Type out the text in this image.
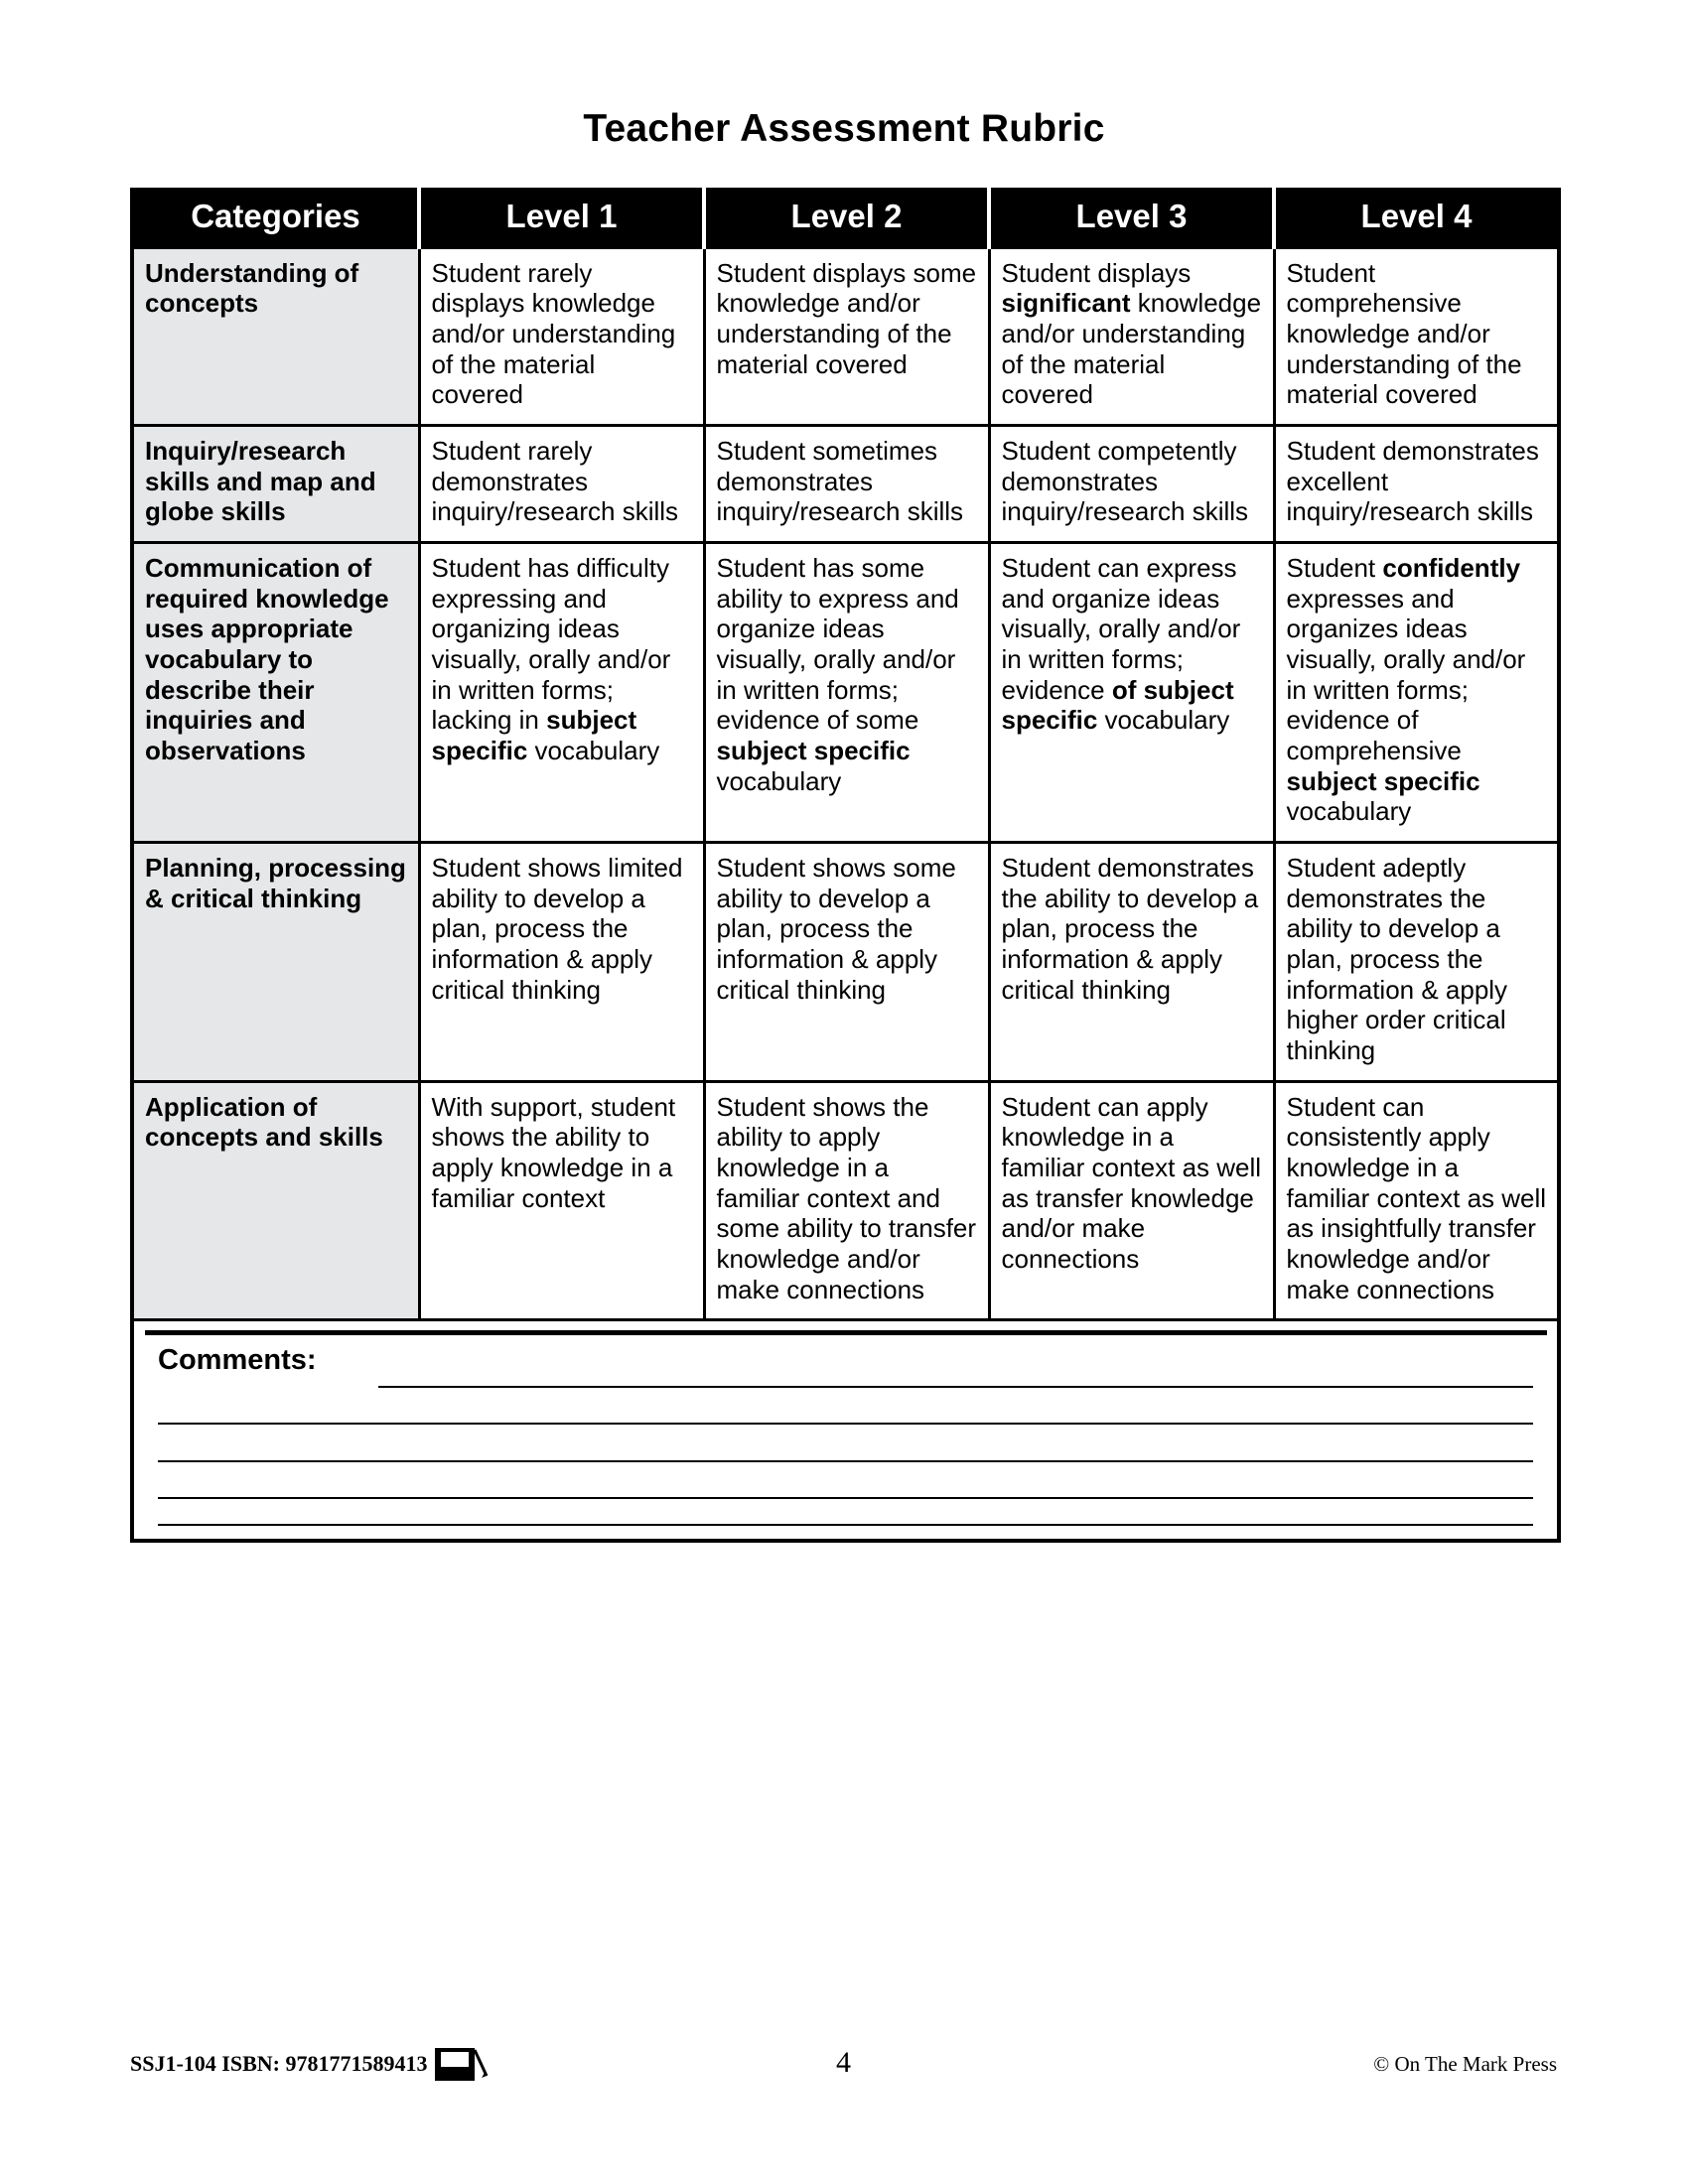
Teacher Assessment Rubric
Categories	Level 1	Level 2	Level 3	Level 4
Understanding of concepts	Student rarely displays knowledge and/or understanding of the material covered	Student displays some knowledge and/or understanding of the material covered	Student displays significant knowledge and/or understanding of the material covered	Student comprehensive knowledge and/or understanding of the material covered
Inquiry/research skills and map and globe skills	Student rarely demonstrates inquiry/research skills	Student sometimes demonstrates inquiry/research skills	Student competently demonstrates inquiry/research skills	Student demonstrates excellent inquiry/research skills
Communication of required knowledge uses appropriate vocabulary to describe their inquiries and observations	Student has difficulty expressing and organizing ideas visually, orally and/or in written forms; lacking in subject specific vocabulary	Student has some ability to express and organize ideas visually, orally and/or in written forms; evidence of some subject specific vocabulary	Student can express and organize ideas visually, orally and/or in written forms; evidence of subject specific vocabulary	Student confidently expresses and organizes ideas visually, orally and/or in written forms; evidence of comprehensive subject specific vocabulary
Planning, processing & critical thinking	Student shows limited ability to develop a plan, process the information & apply critical thinking	Student shows some ability to develop a plan, process the information & apply critical thinking	Student demonstrates the ability to develop a plan, process the information & apply critical thinking	Student adeptly demonstrates the ability to develop a plan, process the information & apply higher order critical thinking
Application of concepts and skills	With support, student shows the ability to apply knowledge in a familiar context	Student shows the ability to apply knowledge in a familiar context and some ability to transfer knowledge and/or make connections	Student can apply knowledge in a familiar context as well as transfer knowledge and/or make connections	Student can consistently apply knowledge in a familiar context as well as insightfully transfer knowledge and/or make connections

Comments:				
SSJ1-104 ISBN: 9781771589413	4	© On The Mark Press
